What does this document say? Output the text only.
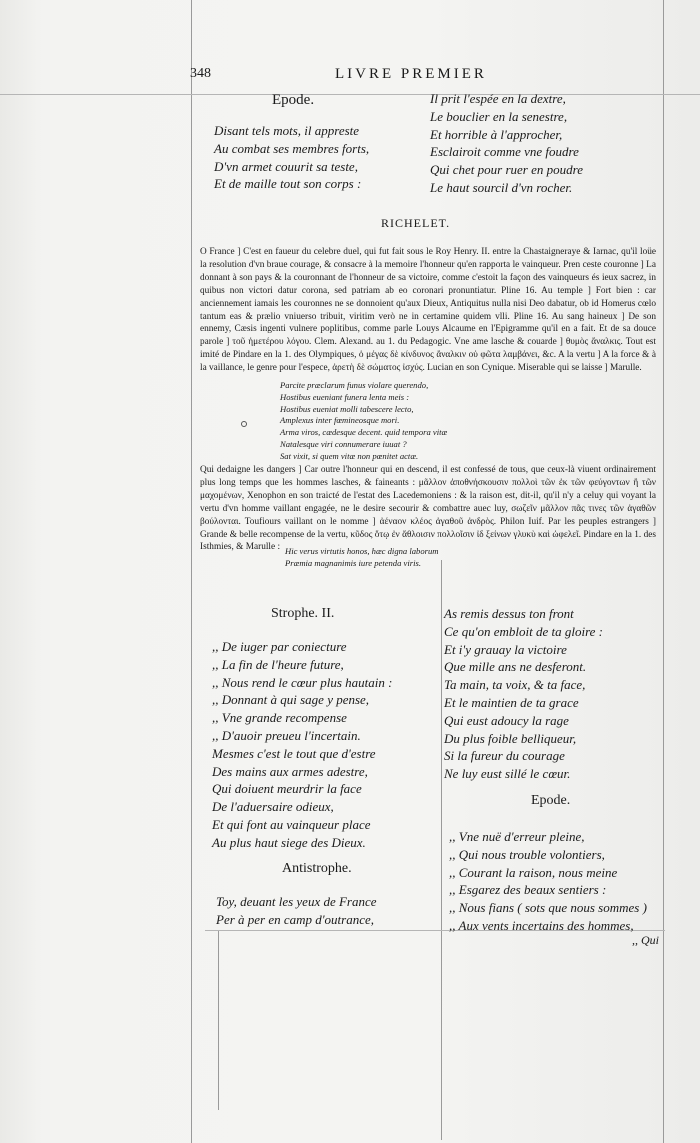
348	LIVRE PREMIER
Epode.
Disant tels mots, il apprestе
Au combat ses membres forts,
D'vn armet couurit sa teste,
Et de maille tout son corps :
Il prit l'espée en la dextre,
Le bouclier en la senestre,
Et horrible à l'approcher,
Esclairoit comme vne foudre
Qui chet pour ruer en poudre
Le haut sourcil d'vn rocher.
RICHELET.

O France ] C'est en faueur du celebre duel, qui fut fait sous le Roy Henry. II. entre la Chastaigneraye & Iarnac, qu'il loüe la resolution d'vn braue courage, & consacre à la memoire l'honneur qu'en rapporta le vainqueur. Pren ceste couronne ] La donnant à son pays & la couronnant de l'honneur de sa victoire, comme c'estoit la façon des vainqueurs és ieux sacrez, in quibus non victori datur corona, sed patriam ab eo coronari pronuntiatur. Pline 16. Au temple ] Fort bien : car anciennement iamais les couronnes ne se donnoient qu'aux Dieux, Antiquitus nulla nisi Deo dabatur, ob id Homerus cœlo tantum eas & prælio vniuerso tribuit, viritim verò ne in certamine quidem vlli. Pline 16. Au sang haineux ] De son ennemy, Cæsis ingenti vulnere poplitibus, comme parle Louys Alcaume en l'Epigramme qu'il en a fait. Et de sa douce parole ] τοῦ ἡμετέρου λόγου. Clem. Alexand. au 1. du Pedagogic. Vne ame lasche & couarde ] θυμὸς ἄναλκις. Tout est imité de Pindare en la 1. des Olympiques, ὁ μέγας δὲ κίνδυνος ἄναλκιν οὐ φῶτα λαμβάνει, &c. A la vertu ] A la force & à la vaillance, le genre pour l'espece, ἀρετὴ δὲ σώματος ἰσχύς. Lucian en son Cynique. Miserable qui se laisse ] Marulle.

Parcite præclarum funus violare querendo,
Hostibus eueniant funera lenta meis :
Hostibus eueniat molli tabescere lecto,
Amplexus inter fœmineosque mori.
Arma viros, cædesque decent. quid tempora vitæ
Natalesque viri connumerare iuuat ?
Sat vixit, si quem vitæ non pœnitet actæ.

Qui dedaigne les dangers ] Car outre l'honneur qui en descend, il est confessé de tous, que ceux-là viuent ordinairement plus long temps que les hommes lasches, & faineants : μᾶλλον ἀποθνήσκουσιν πολλοὶ τῶν ἐκ τῶν φεύγοντων ἢ τῶν μαχομένων, Xenophon en son traicté de l'estat des Lacedemoniens : & la raison est, dit-il, qu'il n'y a celuy qui voyant la vertu d'vn homme vaillant engagée, ne le desire secourir & combattre auec luy, σωζεῖν μᾶλλον πᾶς τινες τῶν ἀγαθῶν βούλονται. Toufiours vaillant on le nomme ] ἀέναον κλέος ἀγαθοῦ ἀνδρὸς. Philon Iuif. Par les peuples estrangers ] Grande & belle recompense de la vertu, κῦδος ὅτῳ ἐν ἄθλοισιν πολλοῖσιν ἰδ ξείνων γλυκὺ καὶ ὠφελεῖ. Pindare en la 1. des Isthmies, & Marulle : Hic verus virtutis honos, hæc digna laborum
Præmia magnanimis iure petenda viris.
Strophe. II.
,, De iuger par coniecture
,, La fin de l'heure future,
,, Nous rend le cœur plus hautain :
,, Donnant à qui sage y pense,
,, Vne grande recompense
,, D'auoir preueu l'incertain.
Mesmes c'est le tout que d'estre
Des mains aux armes adestre,
Qui doiuent meurdrir la face
De l'aduersaire odieux,
Et qui font au vainqueur place
Au plus haut siege des Dieux.
Antistrophe.
Toy, deuant les yeux de France
Per à per en camp d'outrance,
As remis dessus ton front
Ce qu'on embloit de ta gloire :
Et i'y grauay la victoire
Que mille ans ne desferont.
Ta main, ta voix, & ta face,
Et le maintien de ta grace
Qui eust adoucy la rage
Du plus foible belliqueur,
Si la fureur du courage
Ne luy eust sillé le cœur.
Epode.
,, Vne nuë d'erreur pleine,
,, Qui nous trouble volontiers,
,, Courant la raison, nous meine
,, Esgarez des beaux sentiers :
,, Nous fians ( sots que nous sommes )
,, Aux vents incertains des hommes,
,, Qui
